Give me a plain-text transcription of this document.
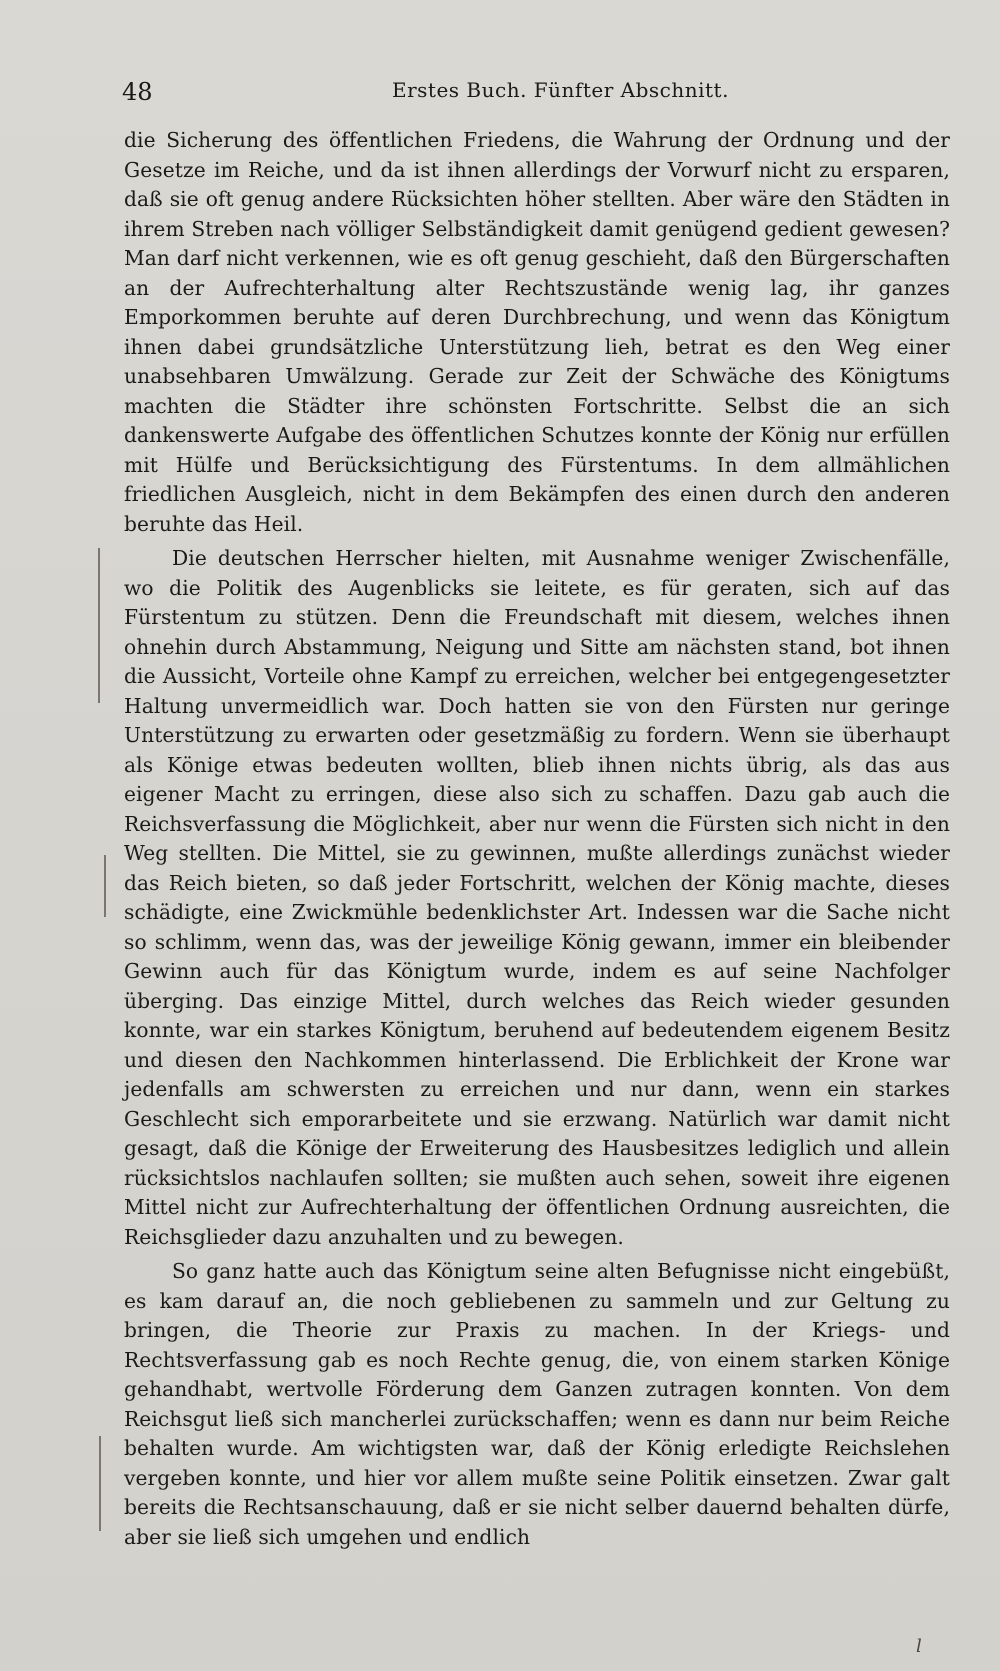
48	Erstes Buch. Fünfter Abschnitt.

die Sicherung des öffentlichen Friedens, die Wahrung der Ordnung und der Gesetze im Reiche, und da ist ihnen allerdings der Vorwurf nicht zu ersparen, daß sie oft genug andere Rücksichten höher stellten. Aber wäre den Städten in ihrem Streben nach völliger Selbständigkeit damit genügend gedient gewesen? Man darf nicht verkennen, wie es oft genug geschieht, daß den Bürgerschaften an der Aufrechterhaltung alter Rechtszustände wenig lag, ihr ganzes Emporkommen beruhte auf deren Durchbrechung, und wenn das Königtum ihnen dabei grundsätzliche Unterstützung lieh, betrat es den Weg einer unabsehbaren Umwälzung. Gerade zur Zeit der Schwäche des Königtums machten die Städter ihre schönsten Fortschritte. Selbst die an sich dankenswerte Aufgabe des öffentlichen Schutzes konnte der König nur erfüllen mit Hülfe und Berücksichtigung des Fürstentums. In dem allmählichen friedlichen Ausgleich, nicht in dem Bekämpfen des einen durch den anderen beruhte das Heil.

Die deutschen Herrscher hielten, mit Ausnahme weniger Zwischenfälle, wo die Politik des Augenblicks sie leitete, es für geraten, sich auf das Fürstentum zu stützen. Denn die Freundschaft mit diesem, welches ihnen ohnehin durch Abstammung, Neigung und Sitte am nächsten stand, bot ihnen die Aussicht, Vorteile ohne Kampf zu erreichen, welcher bei entgegengesetzter Haltung unvermeidlich war. Doch hatten sie von den Fürsten nur geringe Unterstützung zu erwarten oder gesetzmäßig zu fordern. Wenn sie überhaupt als Könige etwas bedeuten wollten, blieb ihnen nichts übrig, als das aus eigener Macht zu erringen, diese also sich zu schaffen. Dazu gab auch die Reichsverfassung die Möglichkeit, aber nur wenn die Fürsten sich nicht in den Weg stellten. Die Mittel, sie zu gewinnen, mußte allerdings zunächst wieder das Reich bieten, so daß jeder Fortschritt, welchen der König machte, dieses schädigte, eine Zwickmühle bedenklichster Art. Indessen war die Sache nicht so schlimm, wenn das, was der jeweilige König gewann, immer ein bleibender Gewinn auch für das Königtum wurde, indem es auf seine Nachfolger überging. Das einzige Mittel, durch welches das Reich wieder gesunden konnte, war ein starkes Königtum, beruhend auf bedeutendem eigenem Besitz und diesen den Nachkommen hinterlassend. Die Erblichkeit der Krone war jedenfalls am schwersten zu erreichen und nur dann, wenn ein starkes Geschlecht sich emporarbeitete und sie erzwang. Natürlich war damit nicht gesagt, daß die Könige der Erweiterung des Hausbesitzes lediglich und allein rücksichtslos nachlaufen sollten; sie mußten auch sehen, soweit ihre eigenen Mittel nicht zur Aufrechterhaltung der öffentlichen Ordnung ausreichten, die Reichsglieder dazu anzuhalten und zu bewegen.

So ganz hatte auch das Königtum seine alten Befugnisse nicht eingebüßt, es kam darauf an, die noch gebliebenen zu sammeln und zur Geltung zu bringen, die Theorie zur Praxis zu machen. In der Kriegs- und Rechtsverfassung gab es noch Rechte genug, die, von einem starken Könige gehandhabt, wertvolle Förderung dem Ganzen zutragen konnten. Von dem Reichsgut ließ sich mancherlei zurückschaffen; wenn es dann nur beim Reiche behalten wurde. Am wichtigsten war, daß der König erledigte Reichslehen vergeben konnte, und hier vor allem mußte seine Politik einsetzen. Zwar galt bereits die Rechtsanschauung, daß er sie nicht selber dauernd behalten dürfe, aber sie ließ sich umgehen und endlich

l
